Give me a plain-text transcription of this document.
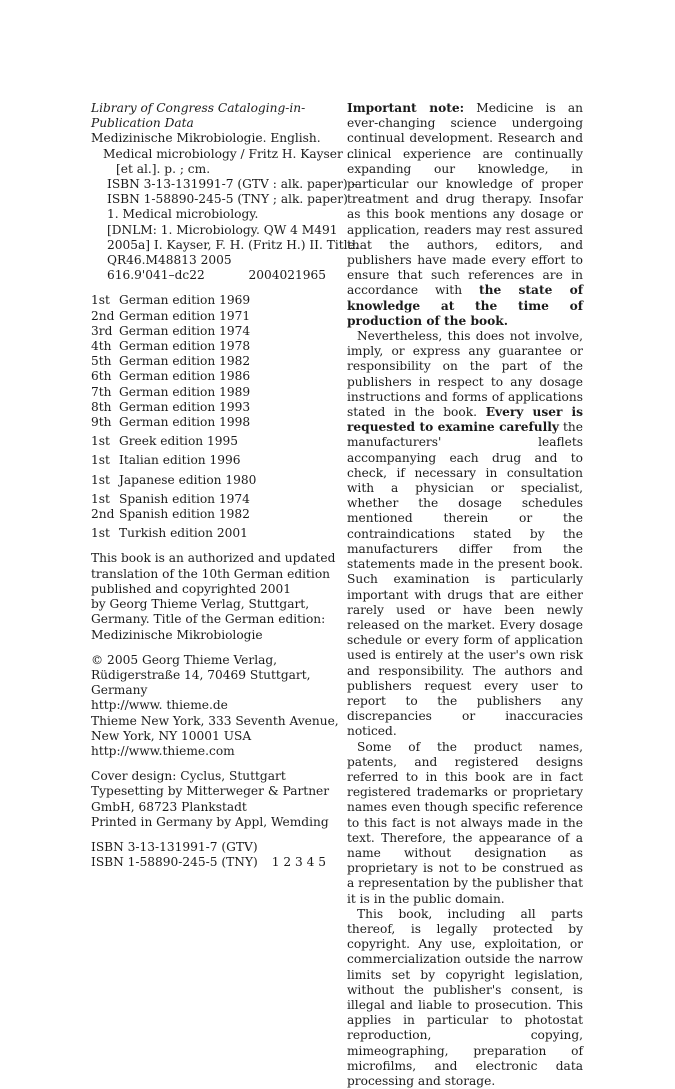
Library of Congress Cataloging-in-
Publication Data
Medizinische Mikrobiologie. English.
Medical microbiology / Fritz H. Kayser ...
[et al.]. p. ; cm.
ISBN 3-13-131991-7 (GTV : alk. paper) –
ISBN 1-58890-245-5 (TNY ; alk. paper)
1. Medical microbiology.
[DNLM: 1. Microbiology. QW 4 M491
2005a] I. Kayser, F. H. (Fritz H.) II. Title.
QR46.M48813 2005
616.9'041–dc22	2004021965
1st German edition 1969
2nd German edition 1971
3rd German edition 1974
4th German edition 1978
5th German edition 1982
6th German edition 1986
7th German edition 1989
8th German edition 1993
9th German edition 1998
1st Greek edition 1995
1st Italian edition 1996
1st Japanese edition 1980
1st Spanish edition 1974
2nd Spanish edition 1982
1st Turkish edition 2001
This book is an authorized and updated
translation of the 10th German edition
published and copyrighted 2001
by Georg Thieme Verlag, Stuttgart,
Germany. Title of the German edition:
Medizinische Mikrobiologie
© 2005 Georg Thieme Verlag,
Rüdigerstraße 14, 70469 Stuttgart,
Germany
http://www. thieme.de
Thieme New York, 333 Seventh Avenue,
New York, NY 10001 USA
http://www.thieme.com
Cover design: Cyclus, Stuttgart
Typesetting by Mitterweger & Partner
GmbH, 68723 Plankstadt
Printed in Germany by Appl, Wemding
ISBN 3-13-131991-7 (GTV)
ISBN 1-58890-245-5 (TNY) 1 2 3 4 5

Important note: Medicine is an ever-changing science undergoing continual development. Research and clinical experience are continually expanding our knowledge, in particular our knowledge of proper treatment and drug therapy. Insofar as this book mentions any dosage or application, readers may rest assured that the authors, editors, and publishers have made every effort to ensure that such references are in accordance with the state of knowledge at the time of production of the book.

Nevertheless, this does not involve, imply, or express any guarantee or responsibility on the part of the publishers in respect to any dosage instructions and forms of applications stated in the book. Every user is requested to examine carefully the manufacturers' leaflets accompanying each drug and to check, if necessary in consultation with a physician or specialist, whether the dosage schedules mentioned therein or the contraindications stated by the manufacturers differ from the statements made in the present book. Such examination is particularly important with drugs that are either rarely used or have been newly released on the market. Every dosage schedule or every form of application used is entirely at the user's own risk and responsibility. The authors and publishers request every user to report to the publishers any discrepancies or inaccuracies noticed.

Some of the product names, patents, and registered designs referred to in this book are in fact registered trademarks or proprietary names even though specific reference to this fact is not always made in the text. Therefore, the appearance of a name without designation as proprietary is not to be construed as a representation by the publisher that it is in the public domain.

This book, including all parts thereof, is legally protected by copyright. Any use, exploitation, or commercialization outside the narrow limits set by copyright legislation, without the publisher's consent, is illegal and liable to prosecution. This applies in particular to photostat reproduction, copying, mimeographing, preparation of microfilms, and electronic data processing and storage.
